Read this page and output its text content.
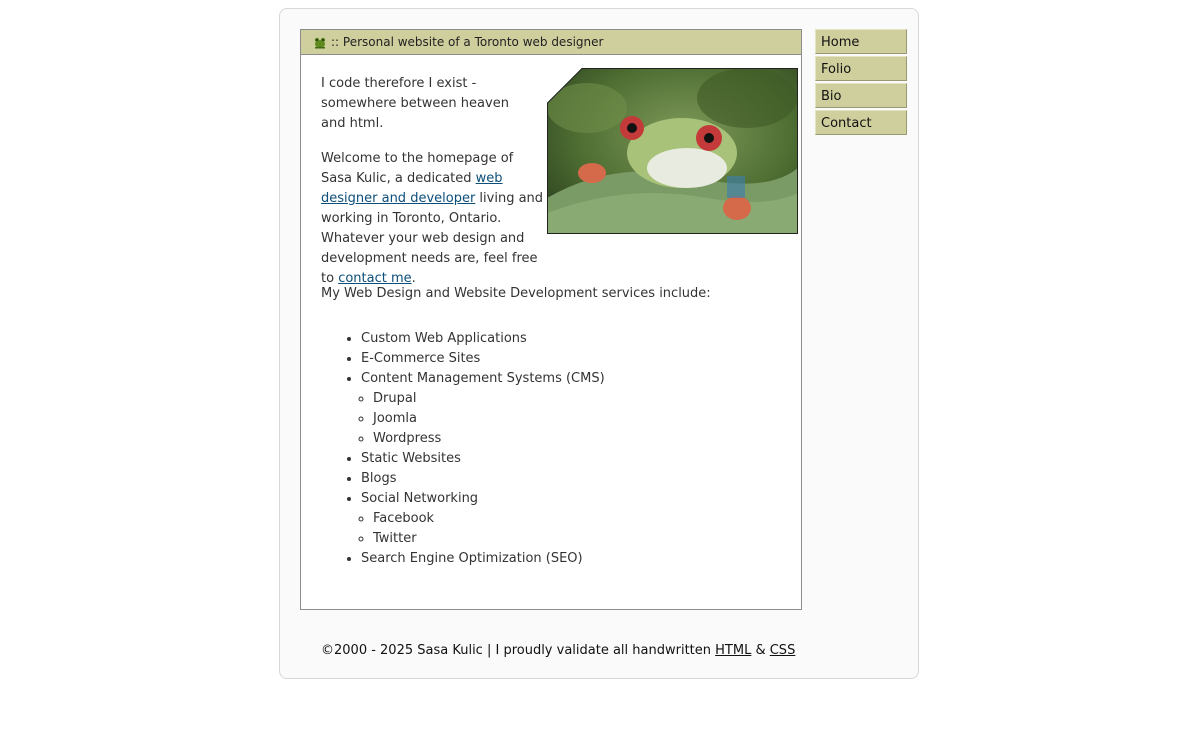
:: Personal website of a Toronto web designer
I code therefore I exist -
somewhere between heaven
and html.
Welcome to the homepage of Sasa Kulic, a dedicated web designer and developer living and working in Toronto, Ontario. Whatever your web design and development needs are, feel free to contact me.
My Web Design and Website Development services include:
• Custom Web Applications
• E-Commerce Sites
• Content Management Systems (CMS)
◦ Drupal
◦ Joomla
◦ Wordpress
• Static Websites
• Blogs
• Social Networking
◦ Facebook
◦ Twitter
• Search Engine Optimization (SEO)
Home
Folio
Bio
Contact
©2000 - 2025 Sasa Kulic | I proudly validate all handwritten HTML & CSS
